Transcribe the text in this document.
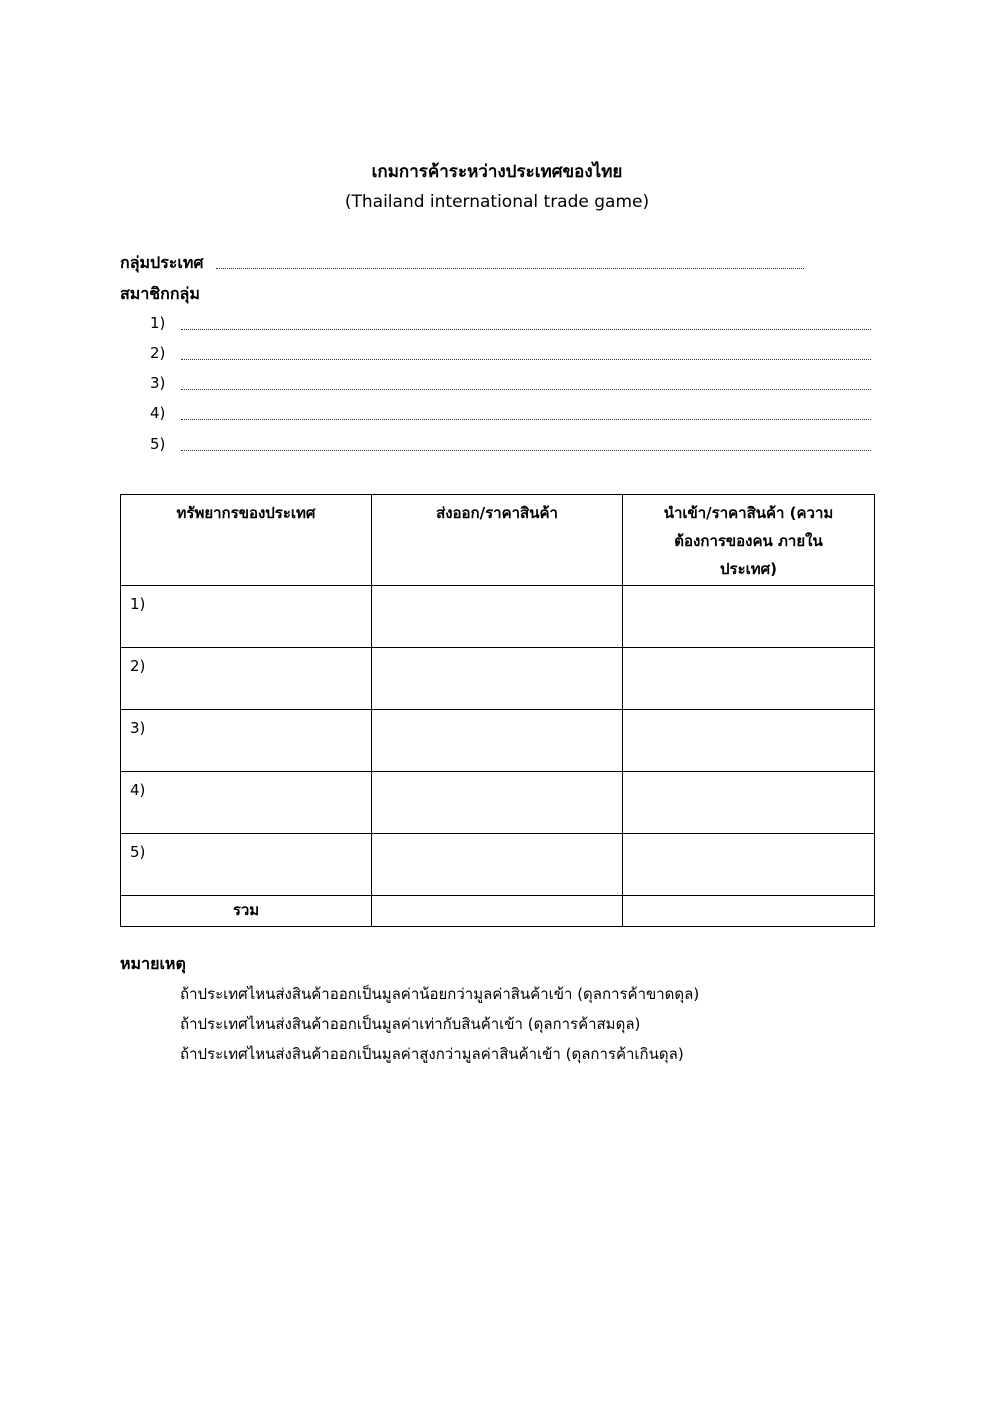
เกมการค้าระหว่างประเทศของไทย
(Thailand international trade game)
กลุ่มประเทศ
สมาชิกกลุ่ม
1)
2)
3)
4)
5)
ทรัพยากรของประเทศ	ส่งออก/ราคาสินค้า	นำเข้า/ราคาสินค้า (ความต้องการของคน ภายในประเทศ)
1)		
2)		
3)		
4)		
5)		
รวม		
หมายเหตุ
ถ้าประเทศไหนส่งสินค้าออกเป็นมูลค่าน้อยกว่ามูลค่าสินค้าเข้า (ดุลการค้าขาดดุล)
ถ้าประเทศไหนส่งสินค้าออกเป็นมูลค่าเท่ากับสินค้าเข้า (ดุลการค้าสมดุล)
ถ้าประเทศไหนส่งสินค้าออกเป็นมูลค่าสูงกว่ามูลค่าสินค้าเข้า (ดุลการค้าเกินดุล)
